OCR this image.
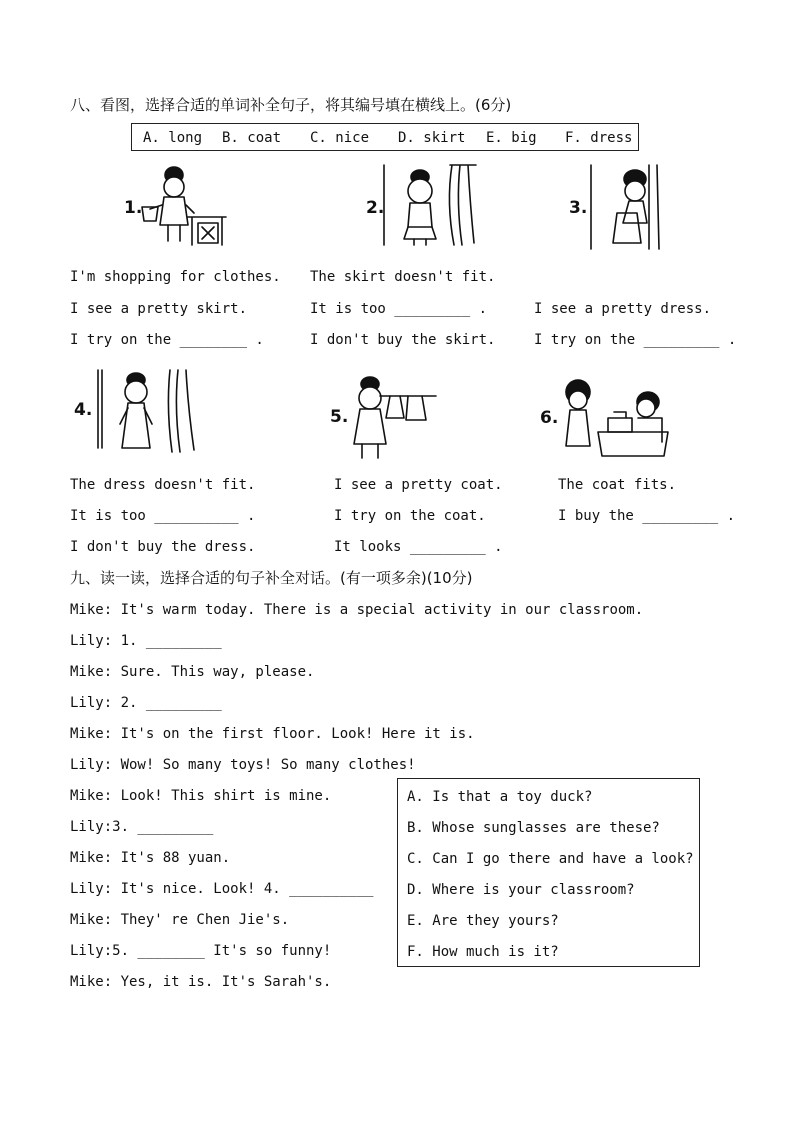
八、看图，选择合适的单词补全句子，将其编号填在横线上。(6分)
A. long B. coat C. nice D. skirt E. big F. dress
1.	2.	3.
I'm shopping for clothes.
I see a pretty skirt.
I try on the ________ .
The skirt doesn't fit.
It is too _________ .
I don't buy the skirt.
I see a pretty dress.
I try on the _________ .
4.	5.	6.
The dress doesn't fit.
It is too __________ .
I don't buy the dress.
I see a pretty coat.
I try on the coat.
It looks _________ .
The coat fits.
I buy the _________ .
九、读一读，选择合适的句子补全对话。(有一项多余)(10分)
Mike: It's warm today. There is a special activity in our classroom.
Lily: 1. _________
Mike: Sure. This way, please.
Lily: 2. _________
Mike: It's on the first floor. Look! Here it is.
Lily: Wow! So many toys! So many clothes!
Mike: Look! This shirt is mine.
Lily:3. _________
Mike: It's 88 yuan.
Lily: It's nice. Look! 4. __________
Mike: They' re Chen Jie's.
Lily:5. ________ It's so funny!
Mike: Yes, it is. It's Sarah's.
A. Is that a toy duck?
B. Whose sunglasses are these?
C. Can I go there and have a look?
D. Where is your classroom?
E. Are they yours?
F. How much is it?
